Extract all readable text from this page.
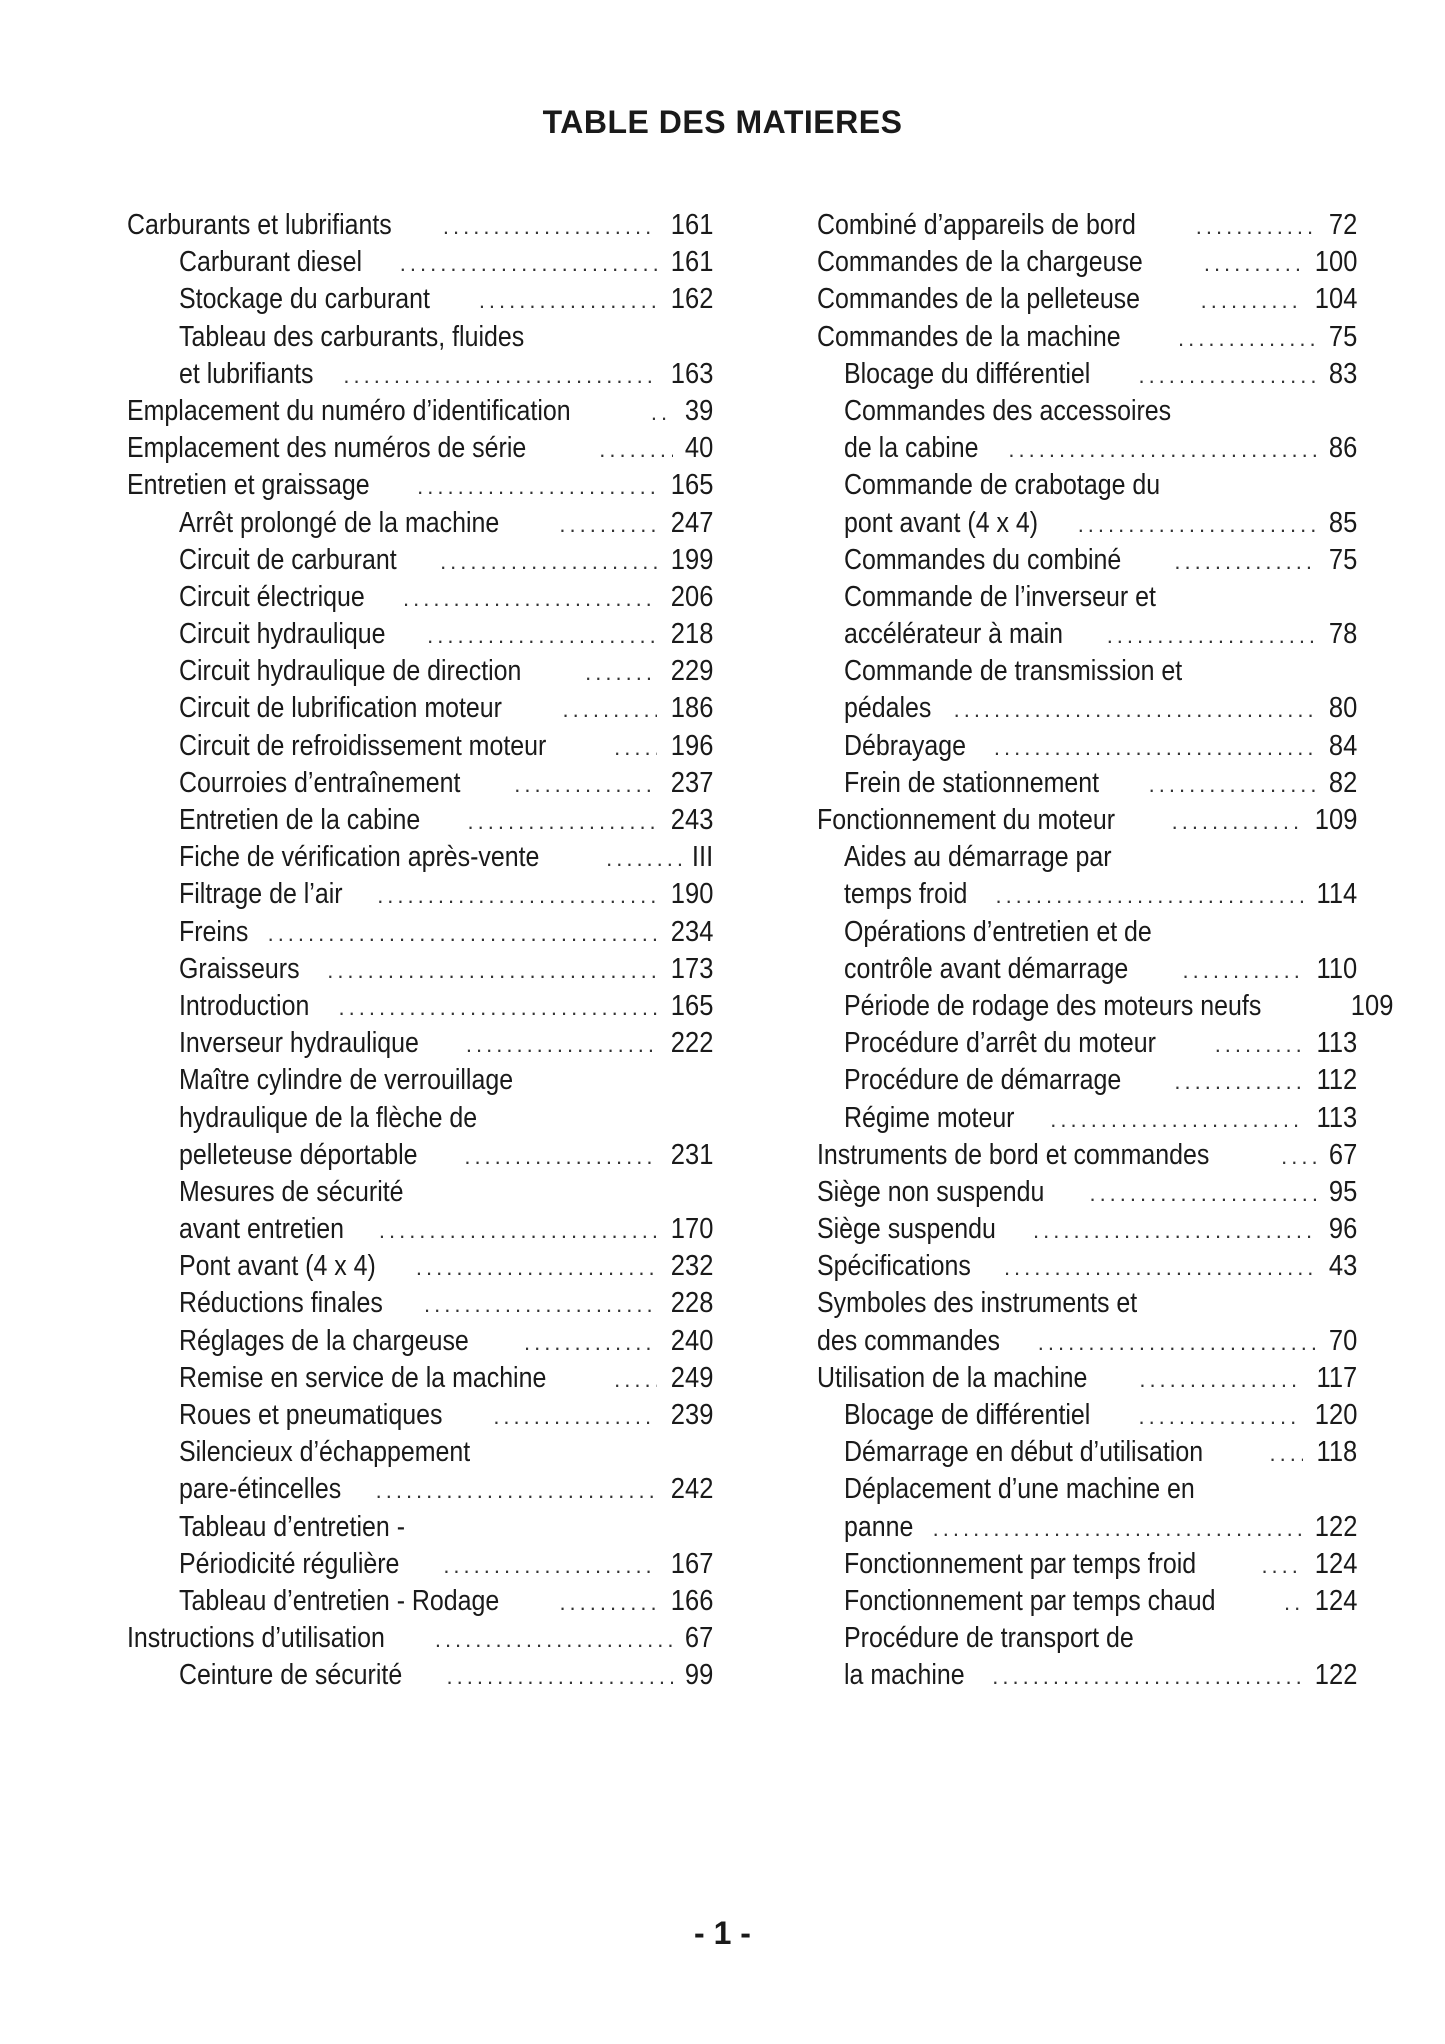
TABLE DES MATIERES
Carburants et lubrifiants .....	161
Carburant diesel .....	161
Stockage du carburant .....	162
Tableau des carburants, fluides
et lubrifiants .....	163
Emplacement du numéro d’identification .....	39
Emplacement des numéros de série .....	40
Entretien et graissage .....	165
Arrêt prolongé de la machine .....	247
Circuit de carburant .....	199
Circuit électrique .....	206
Circuit hydraulique .....	218
Circuit hydraulique de direction .....	229
Circuit de lubrification moteur .....	186
Circuit de refroidissement moteur .....	196
Courroies d’entraînement .....	237
Entretien de la cabine .....	243
Fiche de vérification après-vente .....	III
Filtrage de l’air .....	190
Freins .....	234
Graisseurs .....	173
Introduction .....	165
Inverseur hydraulique .....	222
Maître cylindre de verrouillage
hydraulique de la flèche de
pelleteuse déportable .....	231
Mesures de sécurité
avant entretien .....	170
Pont avant (4 x 4) .....	232
Réductions finales .....	228
Réglages de la chargeuse .....	240
Remise en service de la machine .....	249
Roues et pneumatiques .....	239
Silencieux d’échappement
pare-étincelles .....	242
Tableau d’entretien -
Périodicité régulière .....	167
Tableau d’entretien - Rodage .....	166
Instructions d’utilisation .....	67
Ceinture de sécurité .....	99
Combiné d’appareils de bord .....	72
Commandes de la chargeuse .....	100
Commandes de la pelleteuse .....	104
Commandes de la machine .....	75
Blocage du différentiel .....	83
Commandes des accessoires
de la cabine .....	86
Commande de crabotage du
pont avant (4 x 4) .....	85
Commandes du combiné .....	75
Commande de l’inverseur et
accélérateur à main .....	78
Commande de transmission et
pédales .....	80
Débrayage .....	84
Frein de stationnement .....	82
Fonctionnement du moteur .....	109
Aides au démarrage par
temps froid .....	114
Opérations d’entretien et de
contrôle avant démarrage .....	110
Période de rodage des moteurs neufs	109
Procédure d’arrêt du moteur .....	113
Procédure de démarrage .....	112
Régime moteur .....	113
Instruments de bord et commandes .....	67
Siège non suspendu .....	95
Siège suspendu .....	96
Spécifications .....	43
Symboles des instruments et
des commandes .....	70
Utilisation de la machine .....	117
Blocage de différentiel .....	120
Démarrage en début d’utilisation .....	118
Déplacement d’une machine en
panne .....	122
Fonctionnement par temps froid .....	124
Fonctionnement par temps chaud .....	124
Procédure de transport de
la machine .....	122
- 1 -
